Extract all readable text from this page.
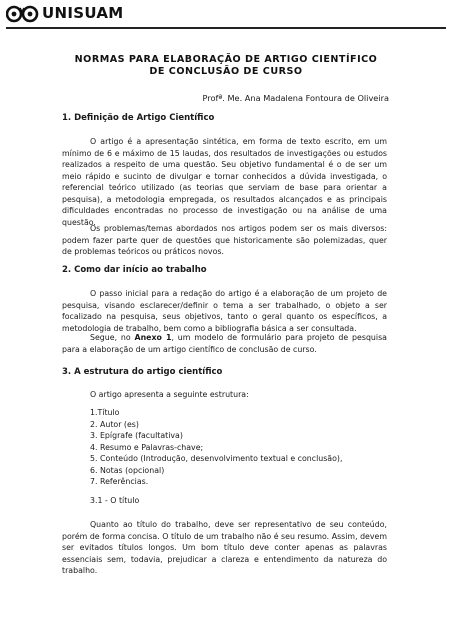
UNISUAM
NORMAS PARA ELABORAÇÃO DE ARTIGO CIENTÍFICO
DE CONCLUSÃO DE CURSO
Profª. Me. Ana Madalena Fontoura de Oliveira
1. Definição de Artigo Científico

O artigo é a apresentação sintética, em forma de texto escrito, em um mínimo de 6 e máximo de 15 laudas, dos resultados de investigações ou estudos realizados a respeito de uma questão. Seu objetivo fundamental é o de ser um meio rápido e sucinto de divulgar e tornar conhecidos a dúvida investigada, o referencial teórico utilizado (as teorias que serviam de base para orientar a pesquisa), a metodologia empregada, os resultados alcançados e as principais dificuldades encontradas no processo de investigação ou na análise de uma questão.

Os problemas/temas abordados nos artigos podem ser os mais diversos: podem fazer parte quer de questões que historicamente são polemizadas, quer de problemas teóricos ou práticos novos.

2. Como dar início ao trabalho

O passo inicial para a redação do artigo é a elaboração de um projeto de pesquisa, visando esclarecer/definir o tema a ser trabalhado, o objeto a ser focalizado na pesquisa, seus objetivos, tanto o geral quanto os específicos, a metodologia de trabalho, bem como a bibliografia básica a ser consultada.

Segue, no Anexo 1, um modelo de formulário para projeto de pesquisa para a elaboração de um artigo científico de conclusão de curso.

3. A estrutura do artigo científico

O artigo apresenta a seguinte estrutura:

1.Título
2. Autor (es)
3. Epígrafe (facultativa)
4. Resumo e Palavras-chave;
5. Conteúdo (Introdução, desenvolvimento textual e conclusão),
6. Notas (opcional)
7. Referências.
3.1 - O título

Quanto ao título do trabalho, deve ser representativo de seu conteúdo, porém de forma concisa. O título de um trabalho não é seu resumo. Assim, devem ser evitados títulos longos. Um bom título deve conter apenas as palavras essenciais sem, todavia, prejudicar a clareza e entendimento da natureza do trabalho.
